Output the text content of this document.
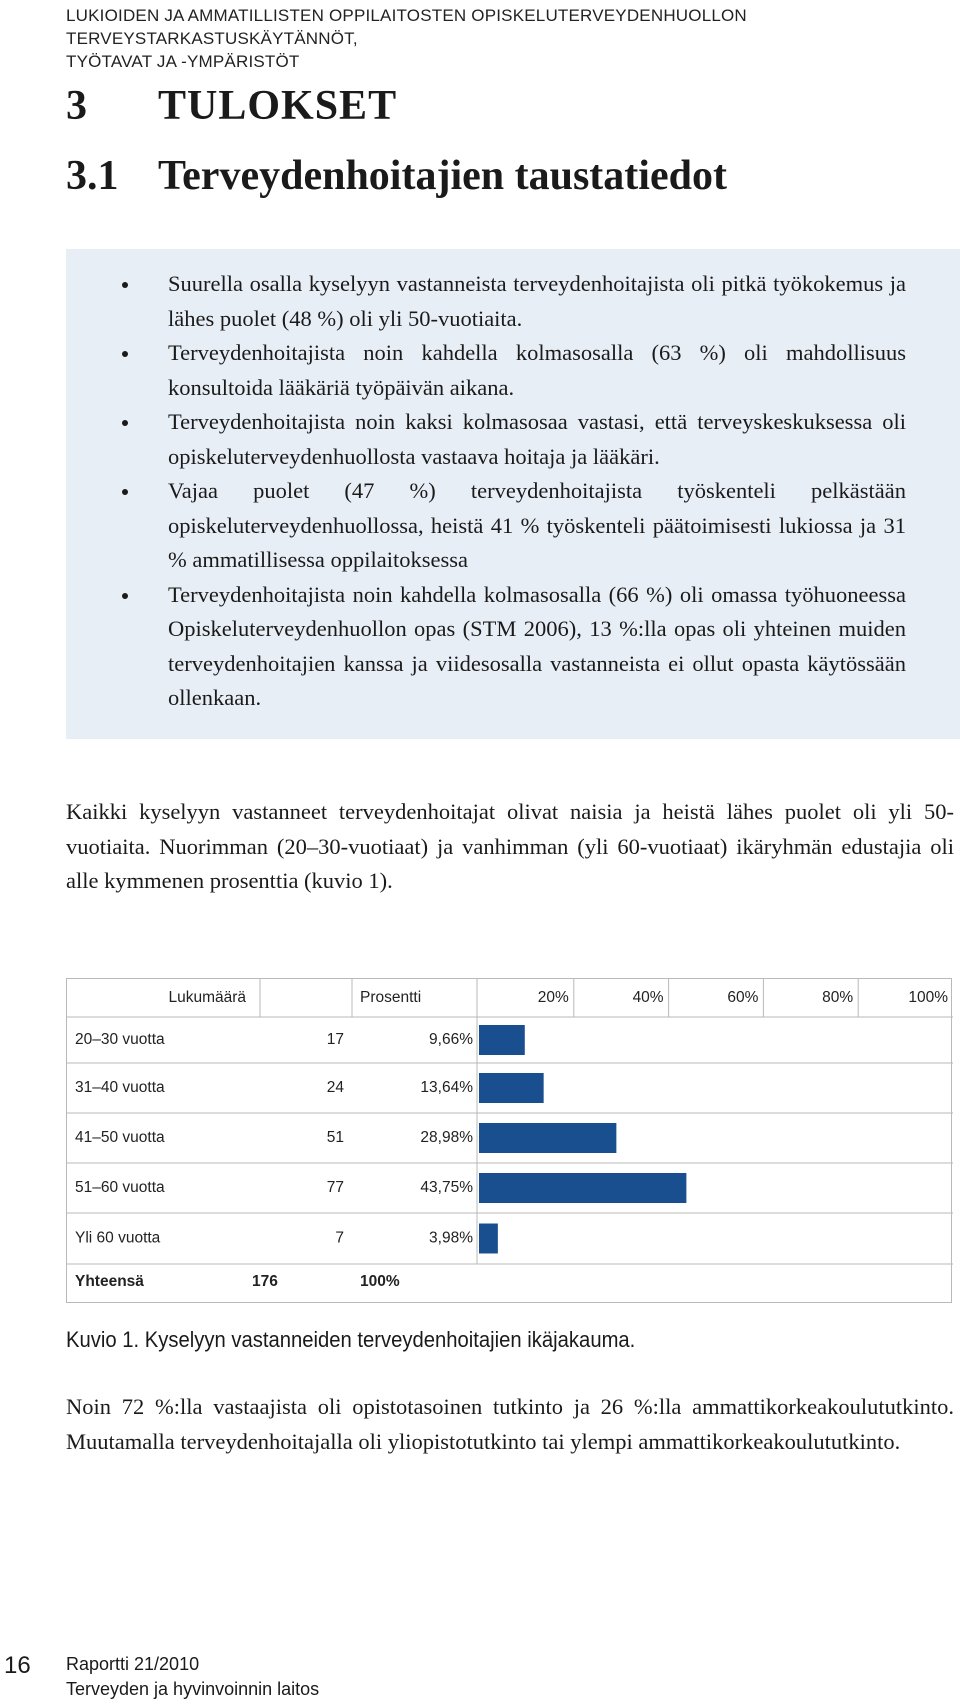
LUKIOIDEN JA AMMATILLISTEN OPPILAITOSTEN OPISKELUTERVEYDENHUOLLON TERVEYSTARKASTUSKÄYTÄNNÖT,
TYÖTAVAT JA -YMPÄRISTÖT
3 TULOKSET
3.1 Terveydenhoitajien taustatiedot
Suurella osalla kyselyyn vastanneista terveydenhoitajista oli pitkä työkokemus ja lähes puolet (48 %) oli yli 50-vuotiaita.
Terveydenhoitajista noin kahdella kolmasosalla (63 %) oli mahdollisuus konsultoida lääkäriä työpäivän aikana.
Terveydenhoitajista noin kaksi kolmasosaa vastasi, että terveyskeskuksessa oli opiskeluterveydenhuollosta vastaava hoitaja ja lääkäri.
Vajaa puolet (47 %) terveydenhoitajista työskenteli pelkästään opiskeluterveydenhuollossa, heistä 41 % työskenteli päätoimisesti lukiossa ja 31 % ammatillisessa oppilaitoksessa
Terveydenhoitajista noin kahdella kolmasosalla (66 %) oli omassa työhuoneessa Opiskeluterveydenhuollon opas (STM 2006), 13 %:lla opas oli yhteinen muiden terveydenhoitajien kanssa ja viidesosalla vastanneista ei ollut opasta käytössään ollenkaan.

Kaikki kyselyyn vastanneet terveydenhoitajat olivat naisia ja heistä lähes puolet oli yli 50-vuotiaita. Nuorimman (20–30-vuotiaat) ja vanhimman (yli 60-vuotiaat) ikäryhmän edustajia oli alle kymmenen prosenttia (kuvio 1).

Lukumäärä	Prosentti	20%	40%	60%	80%	100%
20–30 vuotta	17	9,66%
31–40 vuotta	24	13,64%
41–50 vuotta	51	28,98%
51–60 vuotta	77	43,75%
Yli 60 vuotta	7	3,98%
Yhteensä	176	100%
Kuvio 1. Kyselyyn vastanneiden terveydenhoitajien ikäjakauma.

Noin 72 %:lla vastaajista oli opistotasoinen tutkinto ja 26 %:lla ammattikorkeakoulututkinto. Muutamalla terveydenhoitajalla oli yliopistotutkinto tai ylempi ammattikorkeakoulututkinto.

16 Raportti 21/2010
Terveyden ja hyvinvoinnin laitos
